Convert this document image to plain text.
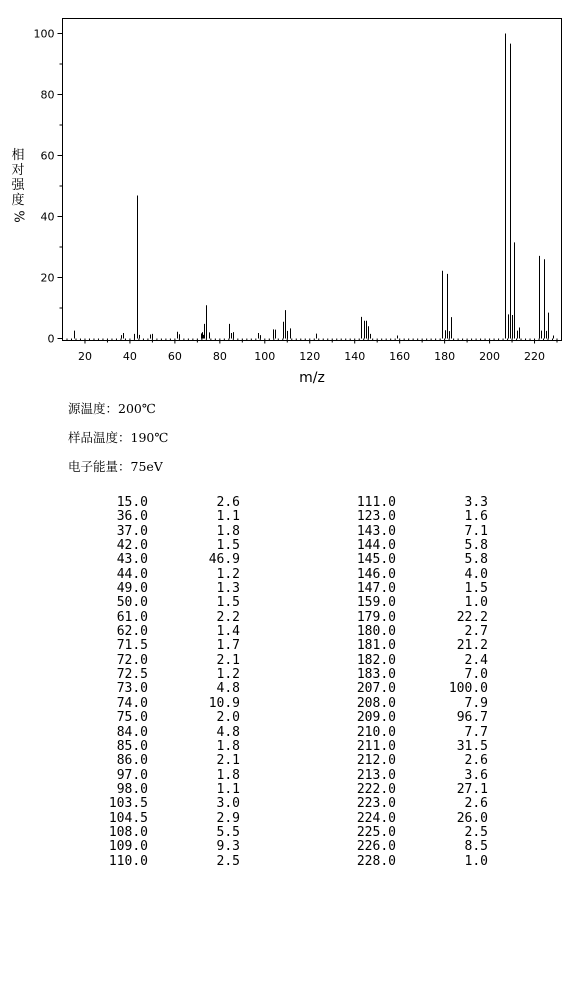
0
20
40
60
80
100
20	40	60	80 100 120 140 160 180 200 220
m/z
相
对
强
度
%
源温度：200℃
样品温度：190℃
电子能量：75eV
15.0	2.6
36.0	1.1
37.0	1.8
42.0	1.5
43.0	46.9
44.0	1.2
49.0	1.3
50.0	1.5
61.0	2.2
62.0	1.4
71.5	1.7
72.0	2.1
72.5	1.2
73.0	4.8
74.0	10.9
75.0	2.0
84.0	4.8
85.0	1.8
86.0	2.1
97.0	1.8
98.0	1.1
103.5	3.0
104.5	2.9
108.0	5.5
109.0	9.3
110.0	2.5
111.0	3.3
123.0	1.6
143.0	7.1
144.0	5.8
145.0	5.8
146.0	4.0
147.0	1.5
159.0	1.0
179.0	22.2
180.0	2.7
181.0	21.2
182.0	2.4
183.0	7.0
207.0	100.0
208.0	7.9
209.0	96.7
210.0	7.7
211.0	31.5
212.0	2.6
213.0	3.6
222.0	27.1
223.0	2.6
224.0	26.0
225.0	2.5
226.0	8.5
228.0	1.0
